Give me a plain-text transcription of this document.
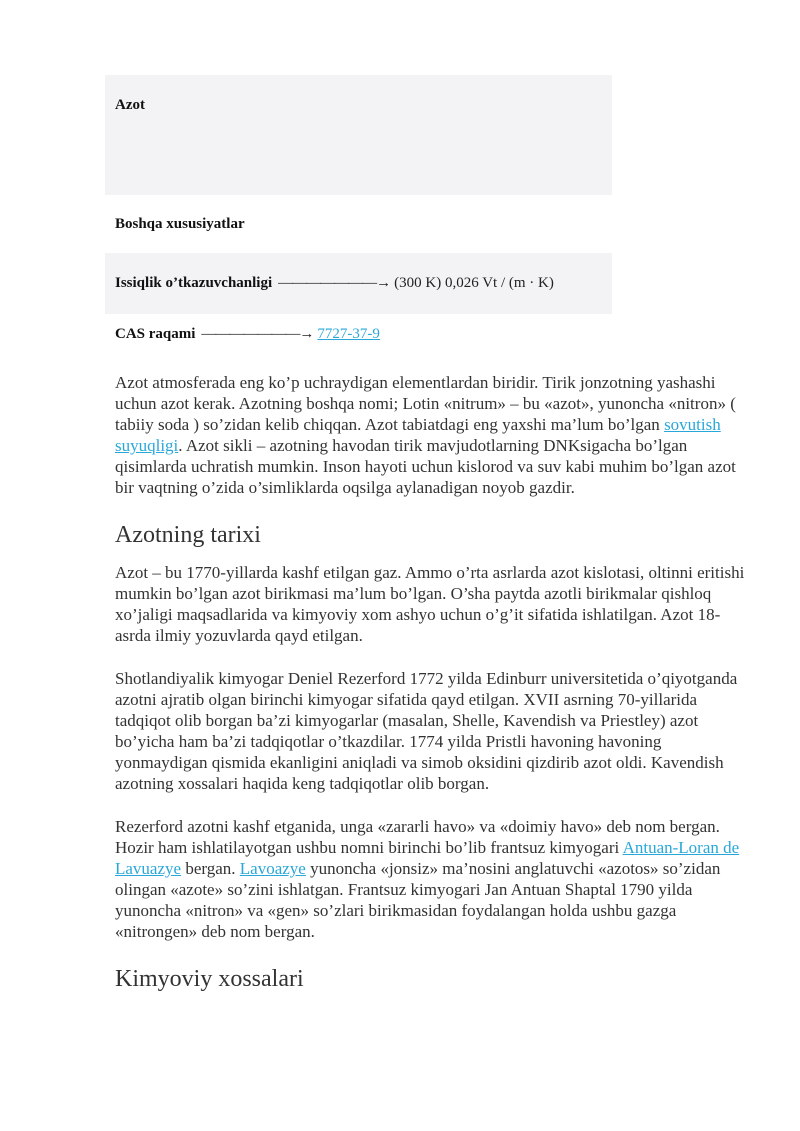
Azot
Boshqa xususiyatlar
Issiqlik o’tkazuvchanligi ———————→ (300 K) 0,026 Vt / (m · K)
CAS raqami ———————→ 7727-37-9

Azot atmosferada eng ko’p uchraydigan elementlardan biridir. Tirik jonzotning yashashi uchun azot kerak. Azotning boshqa nomi; Lotin «nitrum» – bu «azot», yunoncha «nitron» ( tabiiy soda ) so’zidan kelib chiqqan. Azot tabiatdagi eng yaxshi ma’lum bo’lgan sovutish suyuqligi. Azot sikli – azotning havodan tirik mavjudotlarning DNKsigacha bo’lgan qisimlarda uchratish mumkin. Inson hayoti uchun kislorod va suv kabi muhim bo’lgan azot bir vaqtning o’zida o’simliklarda oqsilga aylanadigan noyob gazdir.

Azotning tarixi

Azot – bu 1770-yillarda kashf etilgan gaz. Ammo o’rta asrlarda azot kislotasi, oltinni eritishi mumkin bo’lgan azot birikmasi ma’lum bo’lgan. O’sha paytda azotli birikmalar qishloq xo’jaligi maqsadlarida va kimyoviy xom ashyo uchun o’g’it sifatida ishlatilgan. Azot 18-asrda ilmiy yozuvlarda qayd etilgan.

Shotlandiyalik kimyogar Deniel Rezerford 1772 yilda Edinburr universitetida o’qiyotganda azotni ajratib olgan birinchi kimyogar sifatida qayd etilgan. XVII asrning 70-yillarida tadqiqot olib borgan ba’zi kimyogarlar (masalan, Shelle, Kavendish va Priestley) azot bo’yicha ham ba’zi tadqiqotlar o’tkazdilar. 1774 yilda Pristli havoning havoning yonmaydigan qismida ekanligini aniqladi va simob oksidini qizdirib azot oldi. Kavendish azotning xossalari haqida keng tadqiqotlar olib borgan.

Rezerford azotni kashf etganida, unga «zararli havo» va «doimiy havo» deb nom bergan. Hozir ham ishlatilayotgan ushbu nomni birinchi bo’lib frantsuz kimyogari Antuan-Loran de Lavuazye bergan. Lavoazye yunoncha «jonsiz» ma’nosini anglatuvchi «azotos» so’zidan olingan «azote» so’zini ishlatgan. Frantsuz kimyogari Jan Antuan Shaptal 1790 yilda yunoncha «nitron» va «gen» so’zlari birikmasidan foydalangan holda ushbu gazga «nitrongen» deb nom bergan.

Kimyoviy xossalari
